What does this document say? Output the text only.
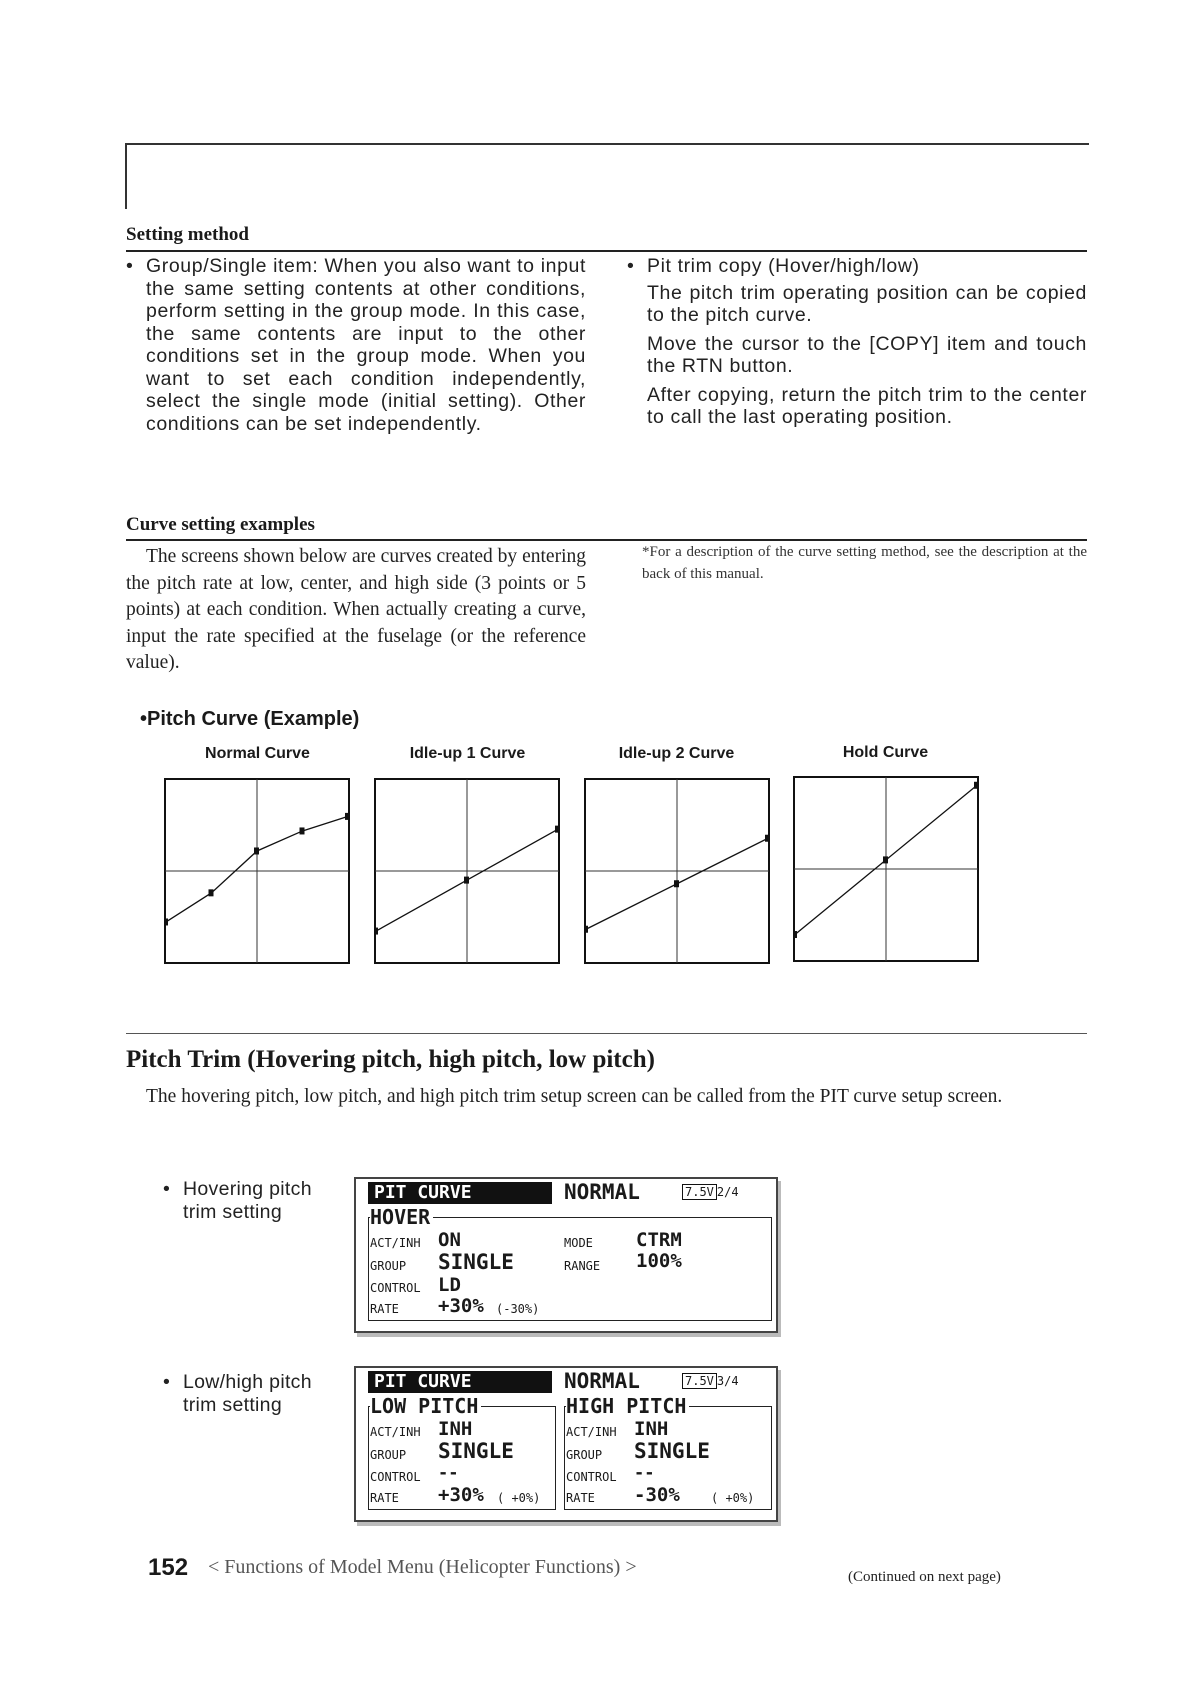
Setting method
• Group/Single item: When you also want to input the same setting contents at other conditions, perform setting in the group mode. In this case, the same contents are input to the other conditions set in the group mode. When you want to set each condition independently, select the single mode (initial setting). Other conditions can be set independently.
• Pit trim copy (Hover/high/low)

The pitch trim operating position can be copied to the pitch curve.

Move the cursor to the [COPY] item and touch the RTN button.

After copying, return the pitch trim to the center to call the last operating position.

Curve setting examples
The screens shown below are curves created by entering the pitch rate at low, center, and high side (3 points or 5 points) at each condition. When actually creating a curve, input the rate specified at the fuselage (or the reference value).
*For a description of the curve setting method, see the description at the back of this manual.
•Pitch Curve (Example)
Normal Curve	Idle-up 1 Curve	Idle-up 2 Curve	Hold Curve
Pitch Trim (Hovering pitch, high pitch, low pitch)
The hovering pitch, low pitch, and high pitch trim setup screen can be called from the PIT curve setup screen.
• Hovering pitch
trim setting
PIT CURVE	NORMAL	7.5V 2/4
HOVER
ACT/INH ON
GROUP SINGLE
CONTROL LD
RATE +30% (-30%)
MODE CTRM
RANGE 100%
• Low/high pitch
trim setting
PIT CURVE	NORMAL	7.5V 3/4
LOW PITCH
ACT/INH INH
GROUP SINGLE
CONTROL --
RATE +30% ( +0%)
HIGH PITCH
ACT/INH INH
GROUP SINGLE
CONTROL --
RATE -30%	( +0%)
152 < Functions of Model Menu (Helicopter Functions) >	(Continued on next page)
